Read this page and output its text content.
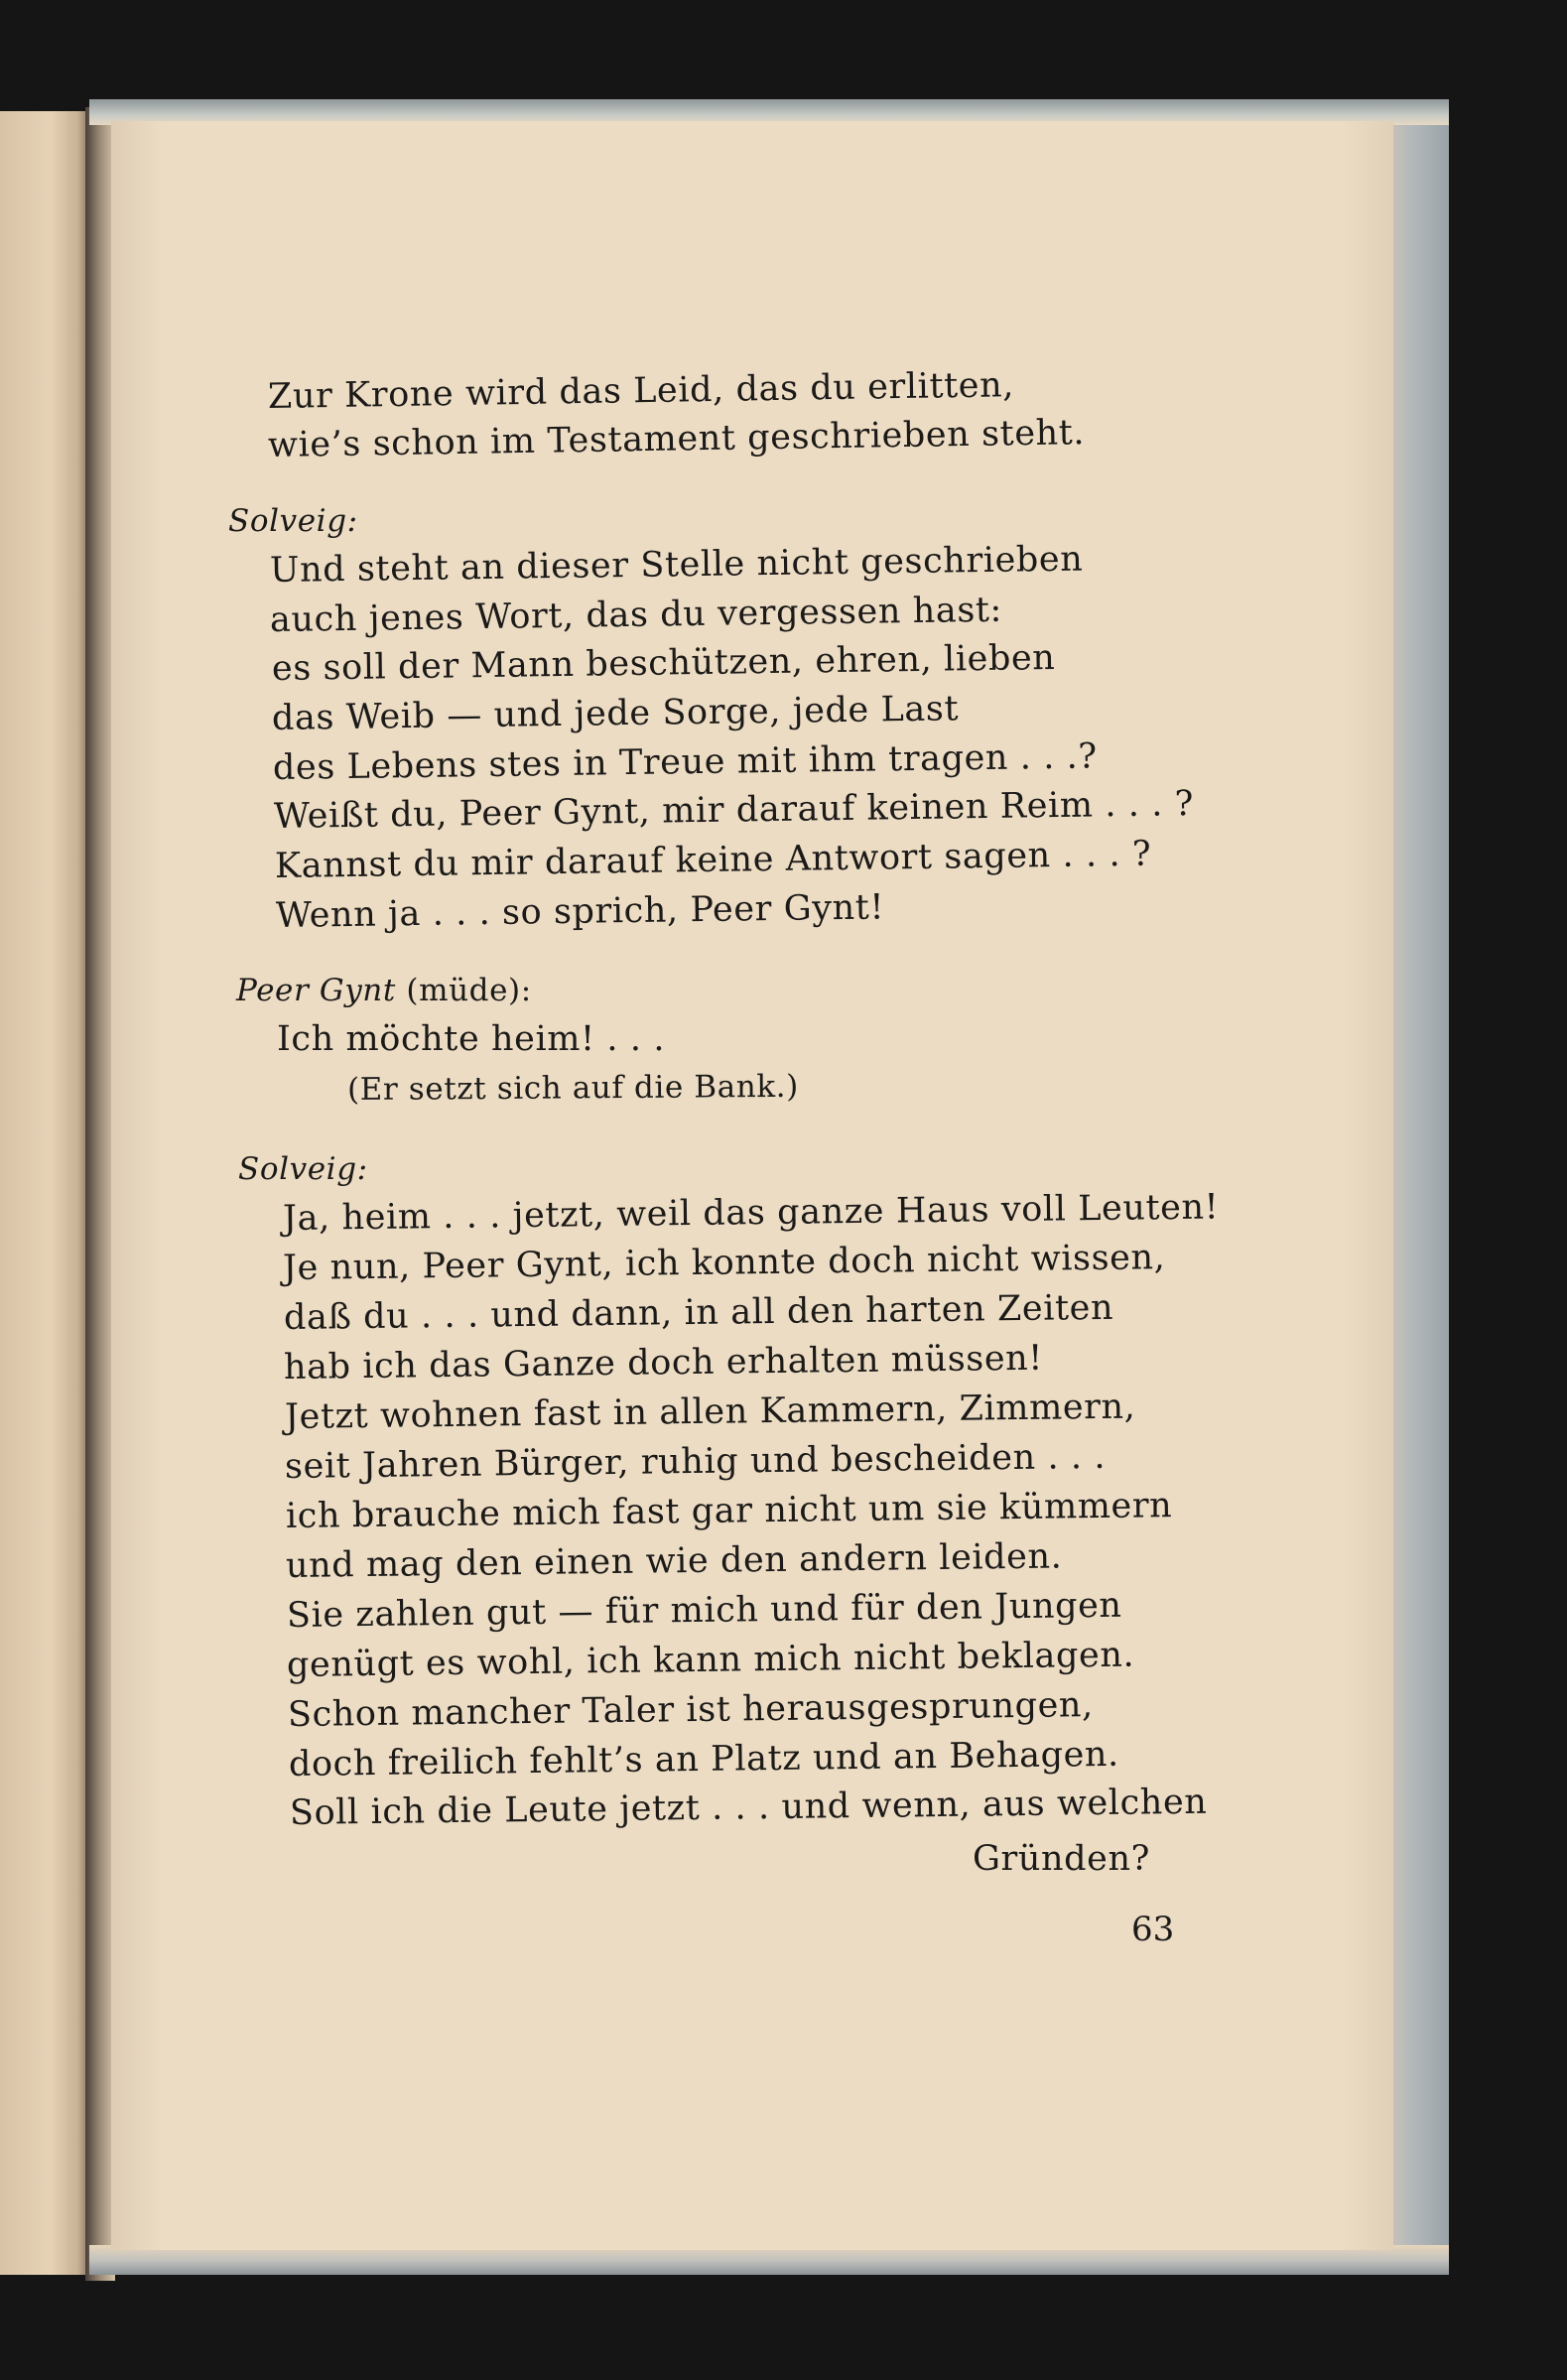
Zur Krone wird das Leid, das du erlitten,
wie’s schon im Testament geschrieben steht.
Solveig:
Und steht an dieser Stelle nicht geschrieben
auch jenes Wort, das du vergessen hast:
es soll der Mann beschützen, ehren, lieben
das Weib — und jede Sorge, jede Last
des Lebens stes in Treue mit ihm tragen . . .?
Weißt du, Peer Gynt, mir darauf keinen Reim . . . ?
Kannst du mir darauf keine Antwort sagen . . . ?
Wenn ja . . . so sprich, Peer Gynt!
Peer Gynt (müde):
Ich möchte heim! . . .
(Er setzt sich auf die Bank.)
Solveig:
Ja, heim . . . jetzt, weil das ganze Haus voll Leuten!
Je nun, Peer Gynt, ich konnte doch nicht wissen,
daß du . . . und dann, in all den harten Zeiten
hab ich das Ganze doch erhalten müssen!
Jetzt wohnen fast in allen Kammern, Zimmern,
seit Jahren Bürger, ruhig und bescheiden . . .
ich brauche mich fast gar nicht um sie kümmern
und mag den einen wie den andern leiden.
Sie zahlen gut — für mich und für den Jungen
genügt es wohl, ich kann mich nicht beklagen.
Schon mancher Taler ist herausgesprungen,
doch freilich fehlt’s an Platz und an Behagen.
Soll ich die Leute jetzt . . . und wenn, aus welchen
Gründen?
63
